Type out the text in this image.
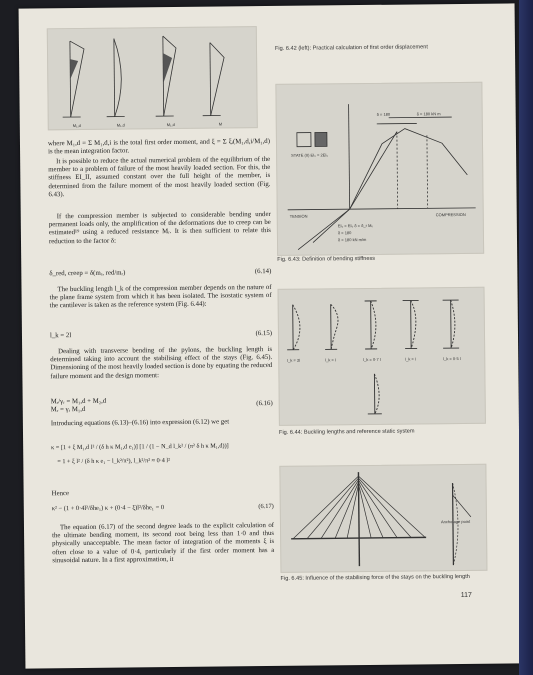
M₁,d	M₁,d	M₁,d	M
Fig. 6.42 (left): Practical calculation of first order displacement
STATE (II) EI₀ = 2EI₀
TENSION	COMPRESSION
EI₀ = EI₀ δ = δ_r M₀
δ = 180
δ = 180 kN m/m
δ = 180	δ = 180 kN m
Fig. 6.43: Definition of bending stiffness
l_k = 2l	l_k = l	l_k = 0·7 l	l_k = l	l_k = 0·5 l
Fig. 6.44: Buckling lengths and reference static system
Anchorage point
Fig. 6.45: Influence of the stabilising force of the stays on the buckling length

where M₁,d = Σ M₁,d,i is the total first order moment, and ξ = Σ ξᵢ(M₁,d,i/M₁,d) is the mean integration factor.

It is possible to reduce the actual numerical problem of the equilibrium of the member to a problem of failure of the most heavily loaded section. For this, the stiffness EI_II, assumed constant over the full height of the member, is determined from the failure moment of the most heavily loaded section (Fig. 6.43).

If the compression member is subjected to considerable bending under permanent loads only, the amplification of the deformations due to creep can be estimated¹⁹ using a reduced resistance Mᵣ. It is then sufficient to relate this reduction to the factor δ:

δ_red, creep = δ(mᵣ, red/mᵣ)	(6.14)

The buckling length l_k of the compression member depends on the nature of the plane frame system from which it has been isolated. The isostatic system of the cantilever is taken as the reference system (Fig. 6.44):

l_k = 2l	(6.15)

Dealing with transverse bending of the pylons, the buckling length is determined taking into account the stabilising effect of the stays (Fig. 6.45). Dimensioning of the most heavily loaded section is done by equating the reduced failure moment and the design moment:

Mᵣ/γᵣ = M₁,d + M₂,d
Mᵣ = γᵣ M₁,d
(6.16)

Introducing equations (6.13)–(6.16) into expression (6.12) we get

κ = [1 + ξ M₁,d l² / (δ h κ M₁,d e₁)] [1 / (1 − N_d l_k² / (π² δ h κ M₁,d))]
= 1 + ξ l² / (δ h κ e₁ − l_k²/π²), l_k²/π² ≈ 0·4 l²

Hence

κ² − (1 + 0·4l²/δhe₁) κ + (0·4 − ξ)l²/δhe₁ = 0	(6.17)

The equation (6.17) of the second degree leads to the explicit calculation of the ultimate bending moment, its second root being less than 1·0 and thus physically unacceptable. The mean factor of integration of the moments ξ is often close to a value of 0·4, particularly if the first order moment has a sinusoidal nature. In a first approximation, it

117
